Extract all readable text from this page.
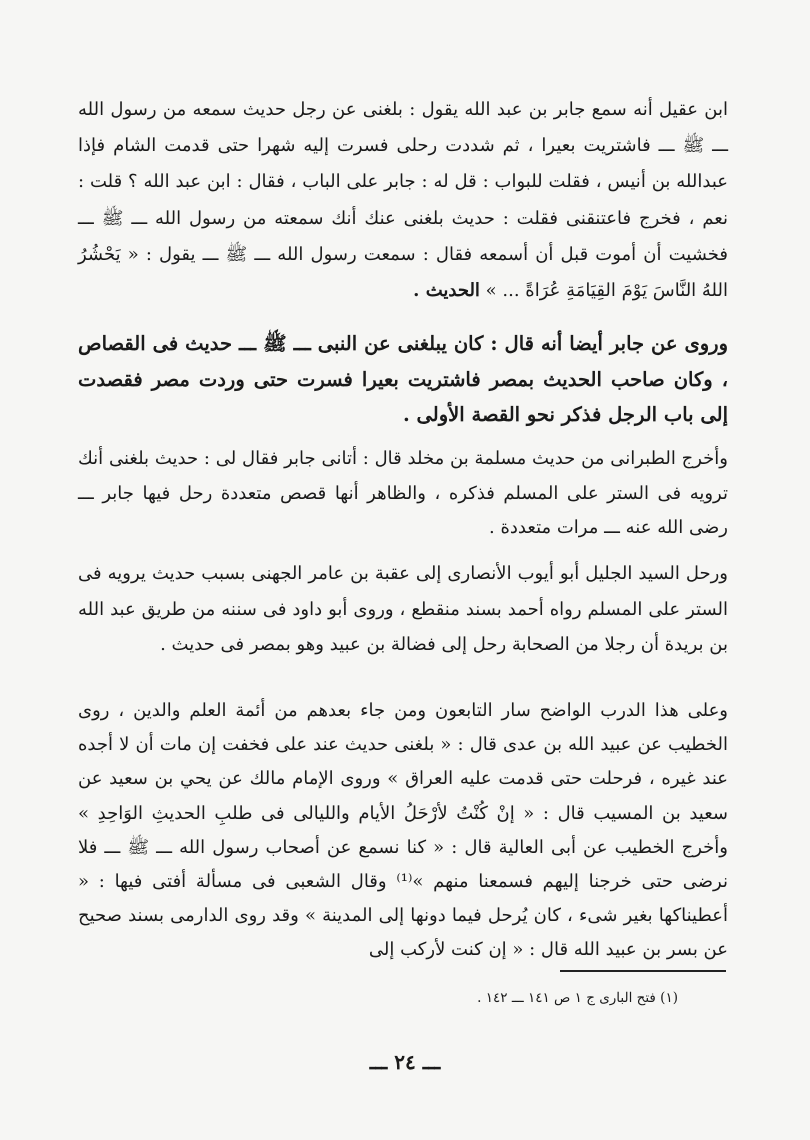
ابن عقيل أنه سمع جابر بن عبد الله يقول : بلغنى عن رجل حديث سمعه من رسول الله ـــ ﷺ ـــ فاشتريت بعيرا ، ثم شددت رحلى فسرت إليه شهرا حتى قدمت الشام فإذا عبدالله بن أنيس ، فقلت للبواب : قل له : جابر على الباب ، فقال : ابن عبد الله ؟ قلت : نعم ، فخرج فاعتنقنى فقلت : حديث بلغنى عنك أنك سمعته من رسول الله ـــ ﷺ ـــ فخشيت أن أموت قبل أن أسمعه فقال : سمعت رسول الله ـــ ﷺ ـــ يقول : « يَحْشُرُ اللهُ النَّاسَ يَوْمَ القِيَامَةِ عُرَاةً ... » الحديث .
وروى عن جابر أيضا أنه قال : كان يبلغنى عن النبى ـــ ﷺ ـــ حديث فى القصاص ، وكان صاحب الحديث بمصر فاشتريت بعيرا فسرت حتى وردت مصر فقصدت إلى باب الرجل فذكر نحو القصة الأولى .
وأخرج الطبرانى من حديث مسلمة بن مخلد قال : أتانى جابر فقال لى : حديث بلغنى أنك ترويه فى الستر على المسلم فذكره ، والظاهر أنها قصص متعددة رحل فيها جابر ـــ رضى الله عنه ـــ مرات متعددة .
ورحل السيد الجليل أبو أيوب الأنصارى إلى عقبة بن عامر الجهنى بسبب حديث يرويه فى الستر على المسلم رواه أحمد بسند منقطع ، وروى أبو داود فى سننه من طريق عبد الله بن بريدة أن رجلا من الصحابة رحل إلى فضالة بن عبيد وهو بمصر فى حديث .
وعلى هذا الدرب الواضح سار التابعون ومن جاء بعدهم من أئمة العلم والدين ، روى الخطيب عن عبيد الله بن عدى قال : « بلغنى حديث عند على فخفت إن مات أن لا أجده عند غيره ، فرحلت حتى قدمت عليه العراق » وروى الإمام مالك عن يحي بن سعيد عن سعيد بن المسيب قال : « إنْ كُنْتُ لأرْحَلُ الأيام والليالى فى طلبِ الحديثِ الوَاحِدِ » وأخرج الخطيب عن أبى العالية قال : « كنا نسمع عن أصحاب رسول الله ـــ ﷺ ـــ فلا نرضى حتى خرجنا إليهم فسمعنا منهم »⁽¹⁾ وقال الشعبى فى مسألة أفتى فيها : « أعطيناكها بغير شىء ، كان يُرحل فيما دونها إلى المدينة » وقد روى الدارمى بسند صحيح عن بسر بن عبيد الله قال : « إن كنت لأركب إلى
(١) فتح البارى ج ١ ص ١٤١ ـــ ١٤٢ .
ـــ ٢٤ ـــ
